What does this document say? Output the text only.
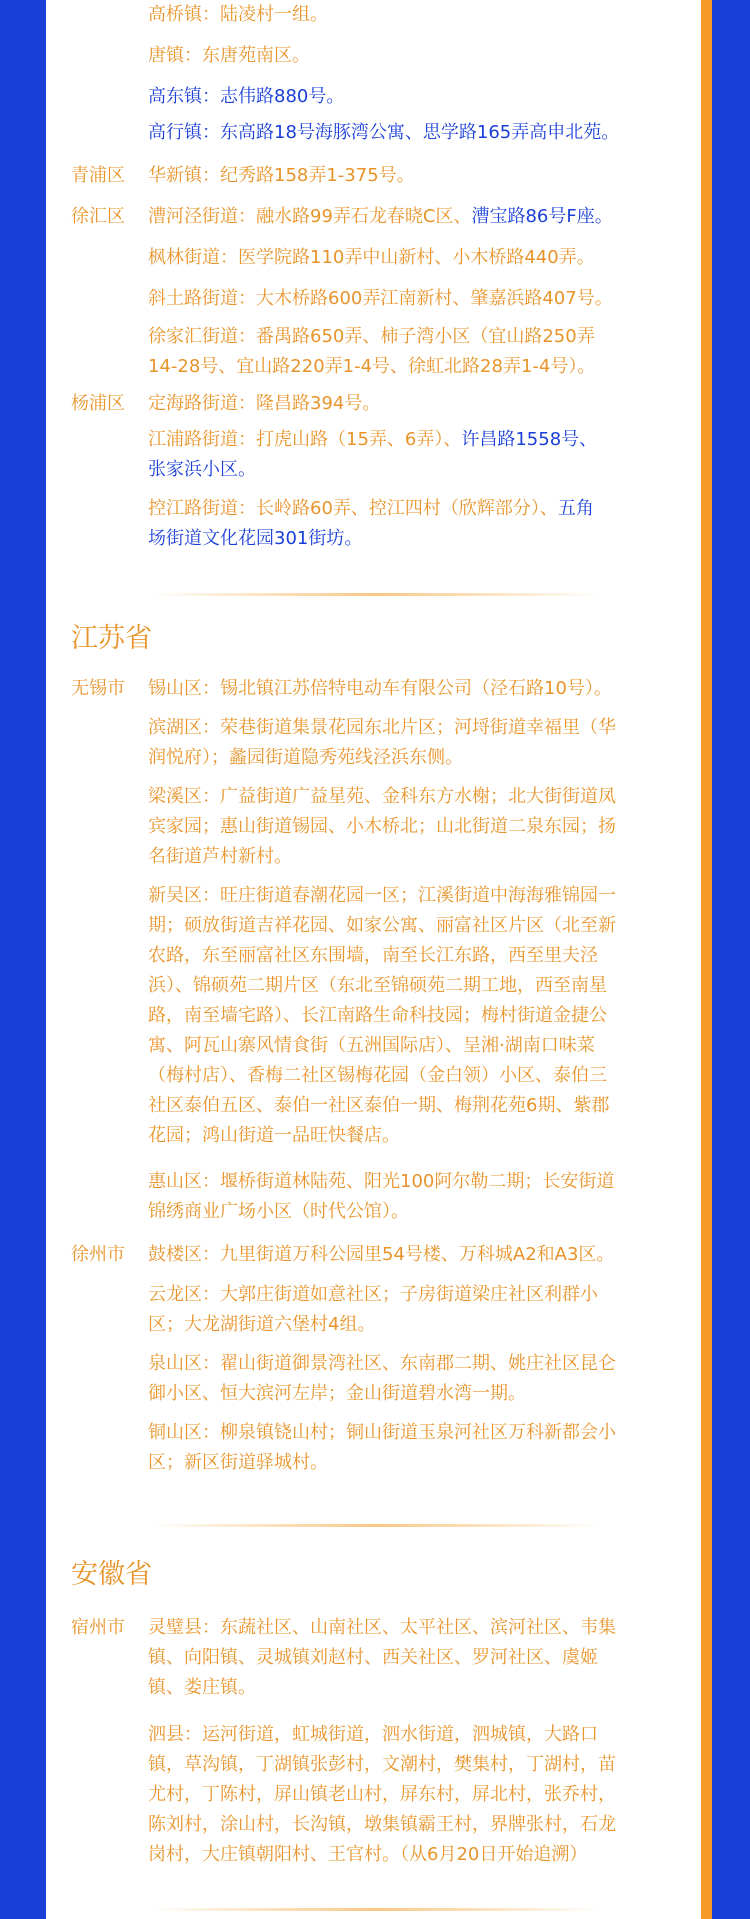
高桥镇：陆凌村一组。
唐镇：东唐苑南区。
高东镇：志伟路880号。
高行镇：东高路18号海豚湾公寓、思学路165弄高申北苑。
青浦区	华新镇：纪秀路158弄1-375号。
徐汇区	漕河泾街道：融水路99弄石龙春晓C区、漕宝路86号F座。
枫林街道：医学院路110弄中山新村、小木桥路440弄。
斜土路街道：大木桥路600弄江南新村、肇嘉浜路407号。
徐家汇街道：番禺路650弄、柿子湾小区（宜山路250弄
14-28号、宜山路220弄1-4号、徐虹北路28弄1-4号）。
杨浦区	定海路街道：隆昌路394号。
江浦路街道：打虎山路（15弄、6弄）、许昌路1558号、
张家浜小区。
控江路街道：长岭路60弄、控江四村（欣辉部分）、五角
场街道文化花园301街坊。
江苏省
无锡市	锡山区：锡北镇江苏倍特电动车有限公司（泾石路10号）。
滨湖区：荣巷街道集景花园东北片区；河埒街道幸福里（华
润悦府）；蠡园街道隐秀苑线泾浜东侧。
梁溪区：广益街道广益星苑、金科东方水榭；北大街街道凤
宾家园；惠山街道锡园、小木桥北；山北街道二泉东园；扬
名街道芦村新村。
新吴区：旺庄街道春潮花园一区；江溪街道中海海雅锦园一
期；硕放街道吉祥花园、如家公寓、丽富社区片区（北至新
农路，东至丽富社区东围墙，南至长江东路，西至里夫泾
浜）、锦硕苑二期片区（东北至锦硕苑二期工地，西至南星
路，南至墙宅路）、长江南路生命科技园；梅村街道金捷公
寓、阿瓦山寨风情食街（五洲国际店）、呈湘·湖南口味菜
（梅村店）、香梅二社区锡梅花园（金白领）小区、泰伯三
社区泰伯五区、泰伯一社区泰伯一期、梅荆花苑6期、紫郡
花园；鸿山街道一品旺快餐店。
惠山区：堰桥街道林陆苑、阳光100阿尔勒二期；长安街道
锦绣商业广场小区（时代公馆）。
徐州市	鼓楼区：九里街道万科公园里54号楼、万科城A2和A3区。
云龙区：大郭庄街道如意社区；子房街道梁庄社区利群小
区；大龙湖街道六堡村4组。
泉山区：翟山街道御景湾社区、东南郡二期、姚庄社区昆仑
御小区、恒大滨河左岸；金山街道碧水湾一期。
铜山区：柳泉镇铙山村；铜山街道玉泉河社区万科新都会小
区；新区街道驿城村。
安徽省
宿州市	灵璧县：东蔬社区、山南社区、太平社区、滨河社区、韦集
镇、向阳镇、灵城镇刘赵村、西关社区、罗河社区、虞姬
镇、娄庄镇。
泗县：运河街道，虹城街道，泗水街道，泗城镇，大路口
镇，草沟镇，丁湖镇张彭村，文潮村，樊集村，丁湖村，苗
尤村，丁陈村，屏山镇老山村，屏东村，屏北村，张乔村，
陈刘村，涂山村，长沟镇，墩集镇霸王村，界牌张村，石龙
岗村，大庄镇朝阳村、王官村。（从6月20日开始追溯）
